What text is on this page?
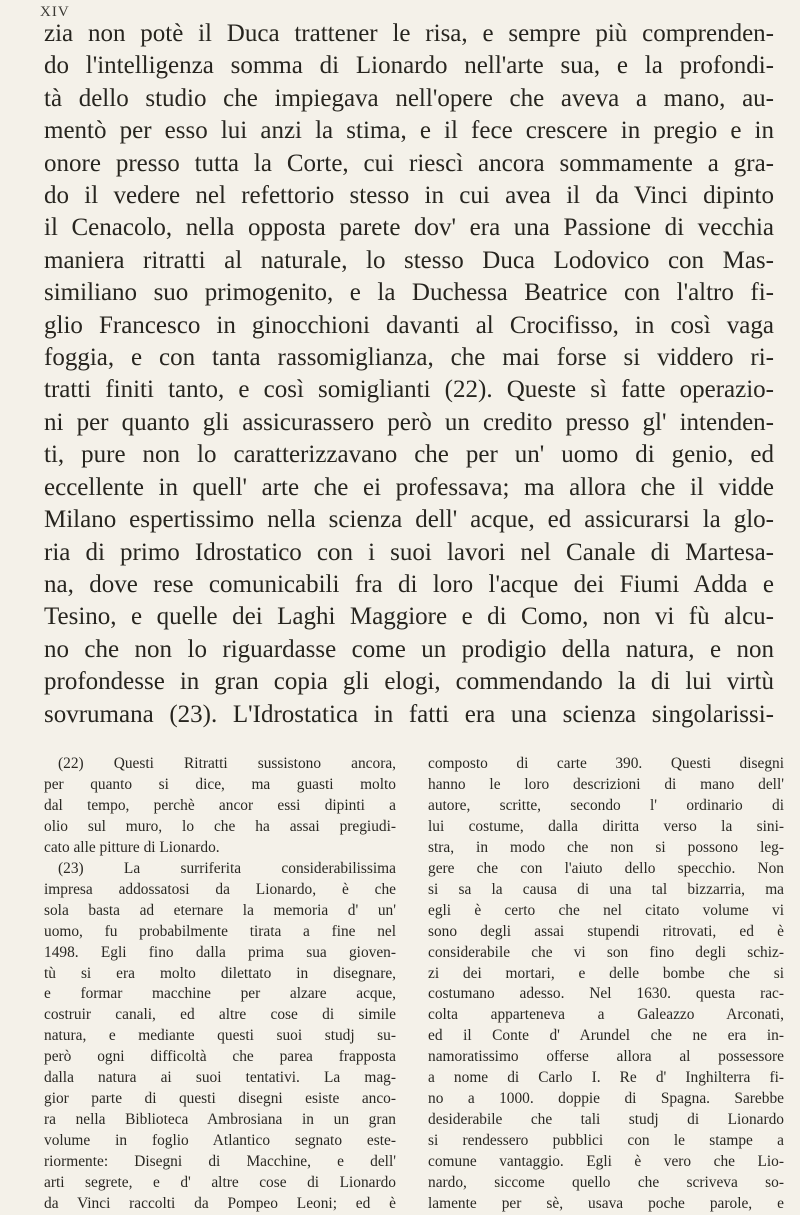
XIV
zia non potè il Duca trattener le risa, e sempre più comprenden-
do l'intelligenza somma di Lionardo nell'arte sua, e la profondi-
tà dello studio che impiegava nell'opere che aveva a mano, au-
mentò per esso lui anzi la stima, e il fece crescere in pregio e in
onore presso tutta la Corte, cui riescì ancora sommamente a gra-
do il vedere nel refettorio stesso in cui avea il da Vinci dipinto
il Cenacolo, nella opposta parete dov' era una Passione di vecchia
maniera ritratti al naturale, lo stesso Duca Lodovico con Mas-
similiano suo primogenito, e la Duchessa Beatrice con l'altro fi-
glio Francesco in ginocchioni davanti al Crocifisso, in così vaga
foggia, e con tanta rassomiglianza, che mai forse si viddero ri-
tratti finiti tanto, e così somiglianti (22). Queste sì fatte operazio-
ni per quanto gli assicurassero però un credito presso gl' intenden-
ti, pure non lo caratterizzavano che per un' uomo di genio, ed
eccellente in quell' arte che ei professava; ma allora che il vidde
Milano espertissimo nella scienza dell' acque, ed assicurarsi la glo-
ria di primo Idrostatico con i suoi lavori nel Canale di Martesa-
na, dove rese comunicabili fra di loro l'acque dei Fiumi Adda e
Tesino, e quelle dei Laghi Maggiore e di Como, non vi fù alcu-
no che non lo riguardasse come un prodigio della natura, e non
profondesse in gran copia gli elogi, commendando la di lui virtù
sovrumana (23). L'Idrostatica in fatti era una scienza singolarissi-
(22) Questi Ritratti sussistono ancora,
per quanto si dice, ma guasti molto
dal tempo, perchè ancor essi dipinti a
olio sul muro, lo che ha assai pregiudi-
cato alle pitture di Lionardo.
(23) La surriferita considerabilissima
impresa addossatosi da Lionardo, è che
sola basta ad eternare la memoria d' un'
uomo, fu probabilmente tirata a fine nel
1498. Egli fino dalla prima sua gioven-
tù si era molto dilettato in disegnare,
e formar macchine per alzare acque,
costruir canali, ed altre cose di simile
natura, e mediante questi suoi studj su-
però ogni difficoltà che parea frapposta
dalla natura ai suoi tentativi. La mag-
gior parte di questi disegni esiste anco-
ra nella Biblioteca Ambrosiana in un gran
volume in foglio Atlantico segnato este-
riormente: Disegni di Macchine, e dell'
arti segrete, e d' altre cose di Lionardo
da Vinci raccolti da Pompeo Leoni; ed è
composto di carte 390. Questi disegni
hanno le loro descrizioni di mano dell'
autore, scritte, secondo l' ordinario di
lui costume, dalla diritta verso la sini-
stra, in modo che non si possono leg-
gere che con l'aiuto dello specchio. Non
si sa la causa di una tal bizzarria, ma
egli è certo che nel citato volume vi
sono degli assai stupendi ritrovati, ed è
considerabile che vi son fino degli schiz-
zi dei mortari, e delle bombe che si
costumano adesso. Nel 1630. questa rac-
colta apparteneva a Galeazzo Arconati,
ed il Conte d' Arundel che ne era in-
namoratissimo offerse allora al possessore
a nome di Carlo I. Re d' Inghilterra fi-
no a 1000. doppie di Spagna. Sarebbe
desiderabile che tali studj di Lionardo
si rendessero pubblici con le stampe a
comune vantaggio. Egli è vero che Lio-
nardo, siccome quello che scriveva so-
lamente per sè, usava poche parole, e
